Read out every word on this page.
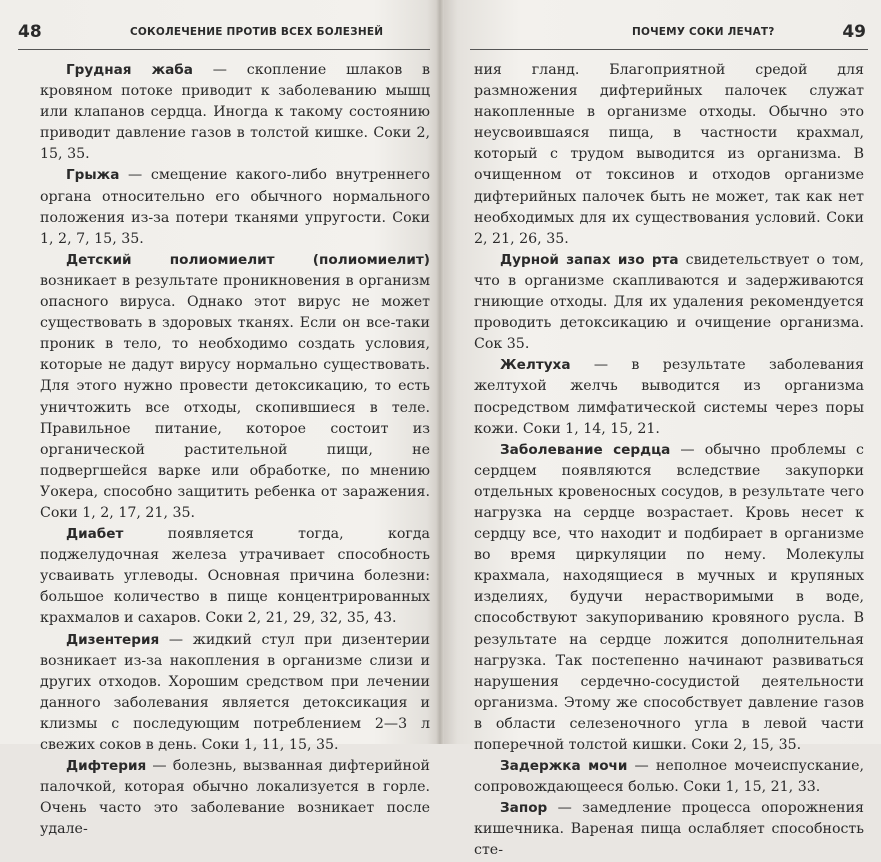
48	СОКОЛЕЧЕНИЕ ПРОТИВ ВСЕХ БОЛЕЗНЕЙ

Грудная жаба — скопление шлаков в кровяном потоке приводит к заболеванию мышц или клапанов сердца. Иногда к такому состоянию приводит давление газов в толстой кишке. Соки 2, 15, 35.

Грыжа — смещение какого-либо внутреннего органа относительно его обычного нормального положения из-за потери тканями упругости. Соки 1, 2, 7, 15, 35.

Детский полиомиелит (полиомиелит) возникает в результате проникновения в организм опасного вируса. Однако этот вирус не может существовать в здоровых тканях. Если он все-таки проник в тело, то необходимо создать условия, которые не дадут вирусу нормально существовать. Для этого нужно провести детоксикацию, то есть уничтожить все отходы, скопившиеся в теле. Правильное питание, которое состоит из органической растительной пищи, не подвергшейся варке или обработке, по мнению Уокера, способно защитить ребенка от заражения. Соки 1, 2, 17, 21, 35.

Диабет появляется тогда, когда поджелудочная железа утрачивает способность усваивать углеводы. Основная причина болезни: большое количество в пище концентрированных крахмалов и сахаров. Соки 2, 21, 29, 32, 35, 43.

Дизентерия — жидкий стул при дизентерии возникает из-за накопления в организме слизи и других отходов. Хорошим средством при лечении данного заболевания является детоксикация и клизмы с последующим потреблением 2—3 л свежих соков в день. Соки 1, 11, 15, 35.

Дифтерия — болезнь, вызванная дифтерийной палочкой, которая обычно локализуется в горле. Очень часто это заболевание возникает после удале-

ПОЧЕМУ СОКИ ЛЕЧАТ?	49

ния гланд. Благоприятной средой для размножения дифтерийных палочек служат накопленные в организме отходы. Обычно это неусвоившаяся пища, в частности крахмал, который с трудом выводится из организма. В очищенном от токсинов и отходов организме дифтерийных палочек быть не может, так как нет необходимых для их существования условий. Соки 2, 21, 26, 35.

Дурной запах изо рта свидетельствует о том, что в организме скапливаются и задерживаются гниющие отходы. Для их удаления рекомендуется проводить детоксикацию и очищение организма. Сок 35.

Желтуха — в результате заболевания желтухой желчь выводится из организма посредством лимфатической системы через поры кожи. Соки 1, 14, 15, 21.

Заболевание сердца — обычно проблемы с сердцем появляются вследствие закупорки отдельных кровеносных сосудов, в результате чего нагрузка на сердце возрастает. Кровь несет к сердцу все, что находит и подбирает в организме во время циркуляции по нему. Молекулы крахмала, находящиеся в мучных и крупяных изделиях, будучи нерастворимыми в воде, способствуют закупориванию кровяного русла. В результате на сердце ложится дополнительная нагрузка. Так постепенно начинают развиваться нарушения сердечно-сосудистой деятельности организма. Этому же способствует давление газов в области селезеночного угла в левой части поперечной толстой кишки. Соки 2, 15, 35.

Задержка мочи — неполное мочеиспускание, сопровождающееся болью. Соки 1, 15, 21, 33.

Запор — замедление процесса опорожнения кишечника. Вареная пища ослабляет способность сте-
